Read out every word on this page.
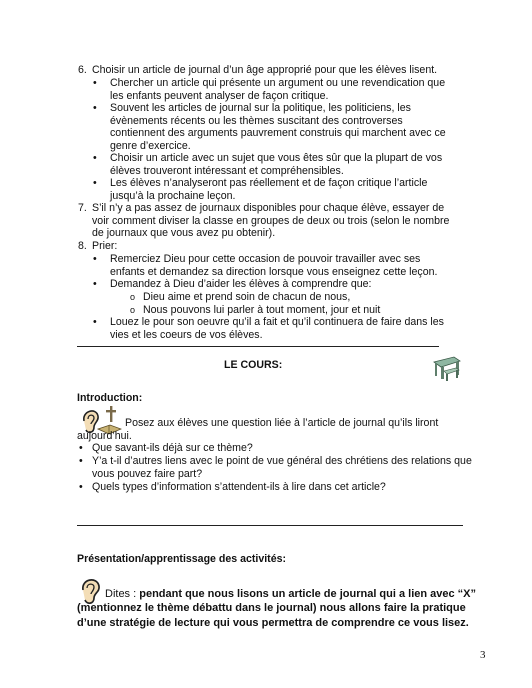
6. Choisir un article de journal d’un âge approprié pour que les élèves lisent.
• Chercher un article qui présente un argument ou une revendication que les enfants peuvent analyser de façon critique.
• Souvent les articles de journal sur la politique, les politiciens, les évènements récents ou les thèmes suscitant des controverses contiennent des arguments pauvrement construis qui marchent avec ce genre d’exercice.
• Choisir un article avec un sujet que vous êtes sûr que la plupart de vos élèves trouveront intéressant et compréhensibles.
• Les élèves n’analyseront pas réellement et de façon critique l’article jusqu’à la prochaine leçon.
7. S’il n’y a pas assez de journaux disponibles pour chaque élève, essayer de voir comment diviser la classe en groupes de deux ou trois (selon le nombre de journaux que vous avez pu obtenir).
8. Prier:
• Remerciez Dieu pour cette occasion de pouvoir travailler avec ses enfants et demandez sa direction lorsque vous enseignez cette leçon.
• Demandez à Dieu d’aider les élèves à comprendre que:
o Dieu aime et prend soin de chacun de nous,
o Nous pouvons lui parler à tout moment, jour et nuit
• Louez le pour son oeuvre qu’il a fait et qu’il continuera de faire dans les vies et les coeurs de vos élèves.
LE COURS:
Introduction:
Posez aux élèves une question liée à l’article de journal qu’ils liront aujourd’hui.
• Que savant-ils déjà sur ce thème?
• Y’a t-il d’autres liens avec le point de vue général des chrétiens des relations que vous pouvez faire part?
• Quels types d’information s’attendent-ils à lire dans cet article?
Présentation/apprentissage des activités:
Dites : pendant que nous lisons un article de journal qui a lien avec “X” (mentionnez le thème débattu dans le journal) nous allons faire la pratique d’une stratégie de lecture qui vous permettra de comprendre ce vous lisez.
3
